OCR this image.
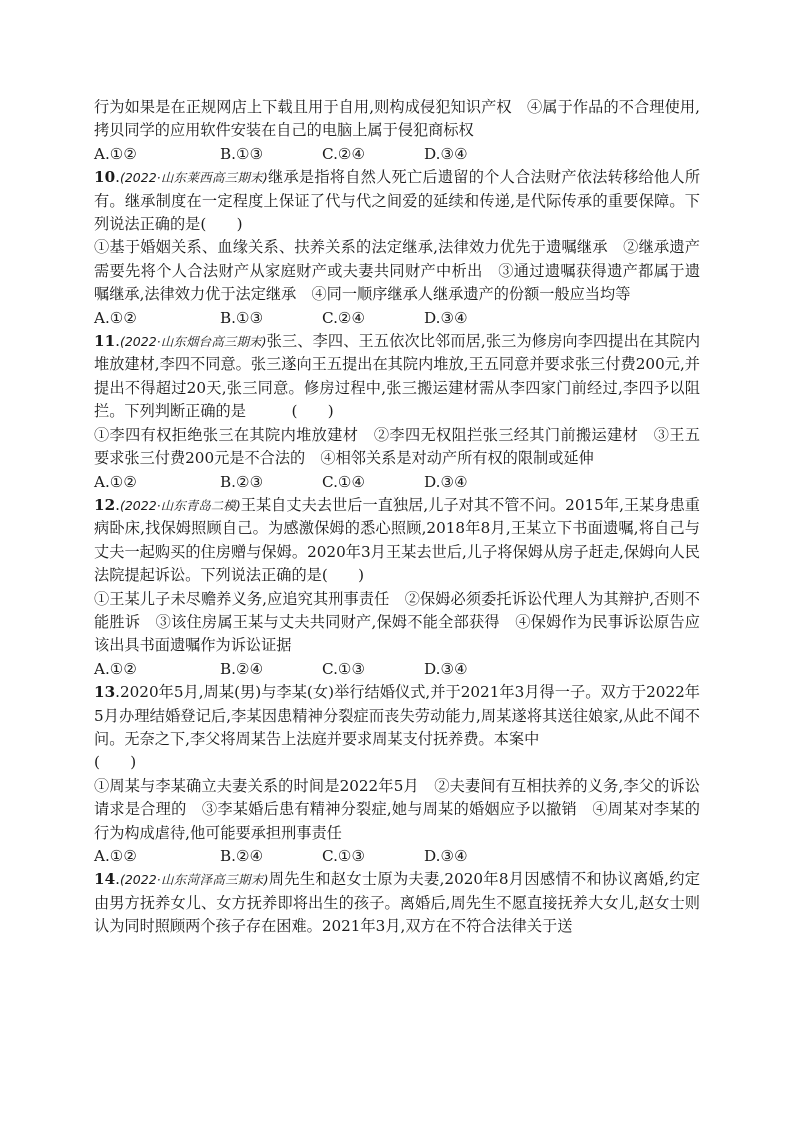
行为如果是在正规网店上下载且用于自用,则构成侵犯知识产权　④属于作品的不合理使用,拷贝同学的应用软件安装在自己的电脑上属于侵犯商标权

A.①②	B.①③	C.②④	D.③④

10.(2022·山东莱西高三期末)继承是指将自然人死亡后遗留的个人合法财产依法转移给他人所有。继承制度在一定程度上保证了代与代之间爱的延续和传递,是代际传承的重要保障。下列说法正确的是(　　)

①基于婚姻关系、血缘关系、扶养关系的法定继承,法律效力优先于遗嘱继承　②继承遗产需要先将个人合法财产从家庭财产或夫妻共同财产中析出　③通过遗嘱获得遗产都属于遗嘱继承,法律效力优于法定继承　④同一顺序继承人继承遗产的份额一般应当均等

A.①②	B.①③	C.②④	D.③④

11.(2022·山东烟台高三期末)张三、李四、王五依次比邻而居,张三为修房向李四提出在其院内堆放建材,李四不同意。张三遂向王五提出在其院内堆放,王五同意并要求张三付费200元,并提出不得超过20天,张三同意。修房过程中,张三搬运建材需从李四家门前经过,李四予以阻拦。下列判断正确的是　　　(　　)

①李四有权拒绝张三在其院内堆放建材　②李四无权阻拦张三经其门前搬运建材　③王五要求张三付费200元是不合法的　④相邻关系是对动产所有权的限制或延伸

A.①②	B.②③	C.①④	D.③④

12.(2022·山东青岛二模)王某自丈夫去世后一直独居,儿子对其不管不问。2015年,王某身患重病卧床,找保姆照顾自己。为感激保姆的悉心照顾,2018年8月,王某立下书面遗嘱,将自己与丈夫一起购买的住房赠与保姆。2020年3月王某去世后,儿子将保姆从房子赶走,保姆向人民法院提起诉讼。下列说法正确的是(　　)

①王某儿子未尽赡养义务,应追究其刑事责任　②保姆必须委托诉讼代理人为其辩护,否则不能胜诉　③该住房属王某与丈夫共同财产,保姆不能全部获得　④保姆作为民事诉讼原告应该出具书面遗嘱作为诉讼证据

A.①②	B.②④	C.①③	D.③④

13.2020年5月,周某(男)与李某(女)举行结婚仪式,并于2021年3月得一子。双方于2022年5月办理结婚登记后,李某因患精神分裂症而丧失劳动能力,周某遂将其送往娘家,从此不闻不问。无奈之下,李父将周某告上法庭并要求周某支付抚养费。本案中
(　　)

①周某与李某确立夫妻关系的时间是2022年5月　②夫妻间有互相扶养的义务,李父的诉讼请求是合理的　③李某婚后患有精神分裂症,她与周某的婚姻应予以撤销　④周某对李某的行为构成虐待,他可能要承担刑事责任

A.①②	B.②④	C.①③	D.③④

14.(2022·山东菏泽高三期末)周先生和赵女士原为夫妻,2020年8月因感情不和协议离婚,约定由男方抚养女儿、女方抚养即将出生的孩子。离婚后,周先生不愿直接抚养大女儿,赵女士则认为同时照顾两个孩子存在困难。2021年3月,双方在不符合法律关于送
